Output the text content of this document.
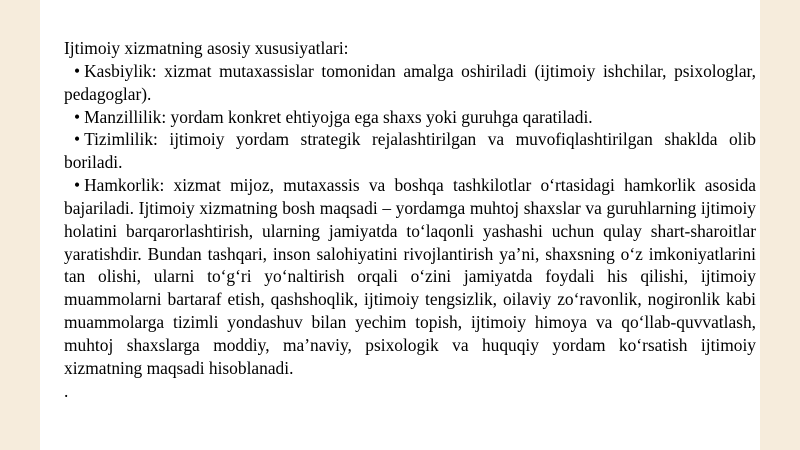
Ijtimoiy xizmatning asosiy xususiyatlari:

• Kasbiylik: xizmat mutaxassislar tomonidan amalga oshiriladi (ijtimoiy ishchilar, psixologlar, pedagoglar).

• Manzillilik: yordam konkret ehtiyojga ega shaxs yoki guruhga qaratiladi.

• Tizimlilik: ijtimoiy yordam strategik rejalashtirilgan va muvofiqlashtirilgan shaklda olib boriladi.

• Hamkorlik: xizmat mijoz, mutaxassis va boshqa tashkilotlar oʻrtasidagi hamkorlik asosida bajariladi. Ijtimoiy xizmatning bosh maqsadi – yordamga muhtoj shaxslar va guruhlarning ijtimoiy holatini barqarorlashtirish, ularning jamiyatda toʻlaqonli yashashi uchun qulay shart-sharoitlar yaratishdir. Bundan tashqari, inson salohiyatini rivojlantirish ya’ni, shaxsning oʻz imkoniyatlarini tan olishi, ularni toʻgʻri yoʻnaltirish orqali oʻzini jamiyatda foydali his qilishi, ijtimoiy muammolarni bartaraf etish, qashshoqlik, ijtimoiy tengsizlik, oilaviy zoʻravonlik, nogironlik kabi muammolarga tizimli yondashuv bilan yechim topish, ijtimoiy himoya va qoʻllab-quvvatlash, muhtoj shaxslarga moddiy, ma’naviy, psixologik va huquqiy yordam koʻrsatish ijtimoiy xizmatning maqsadi hisoblanadi.

.
